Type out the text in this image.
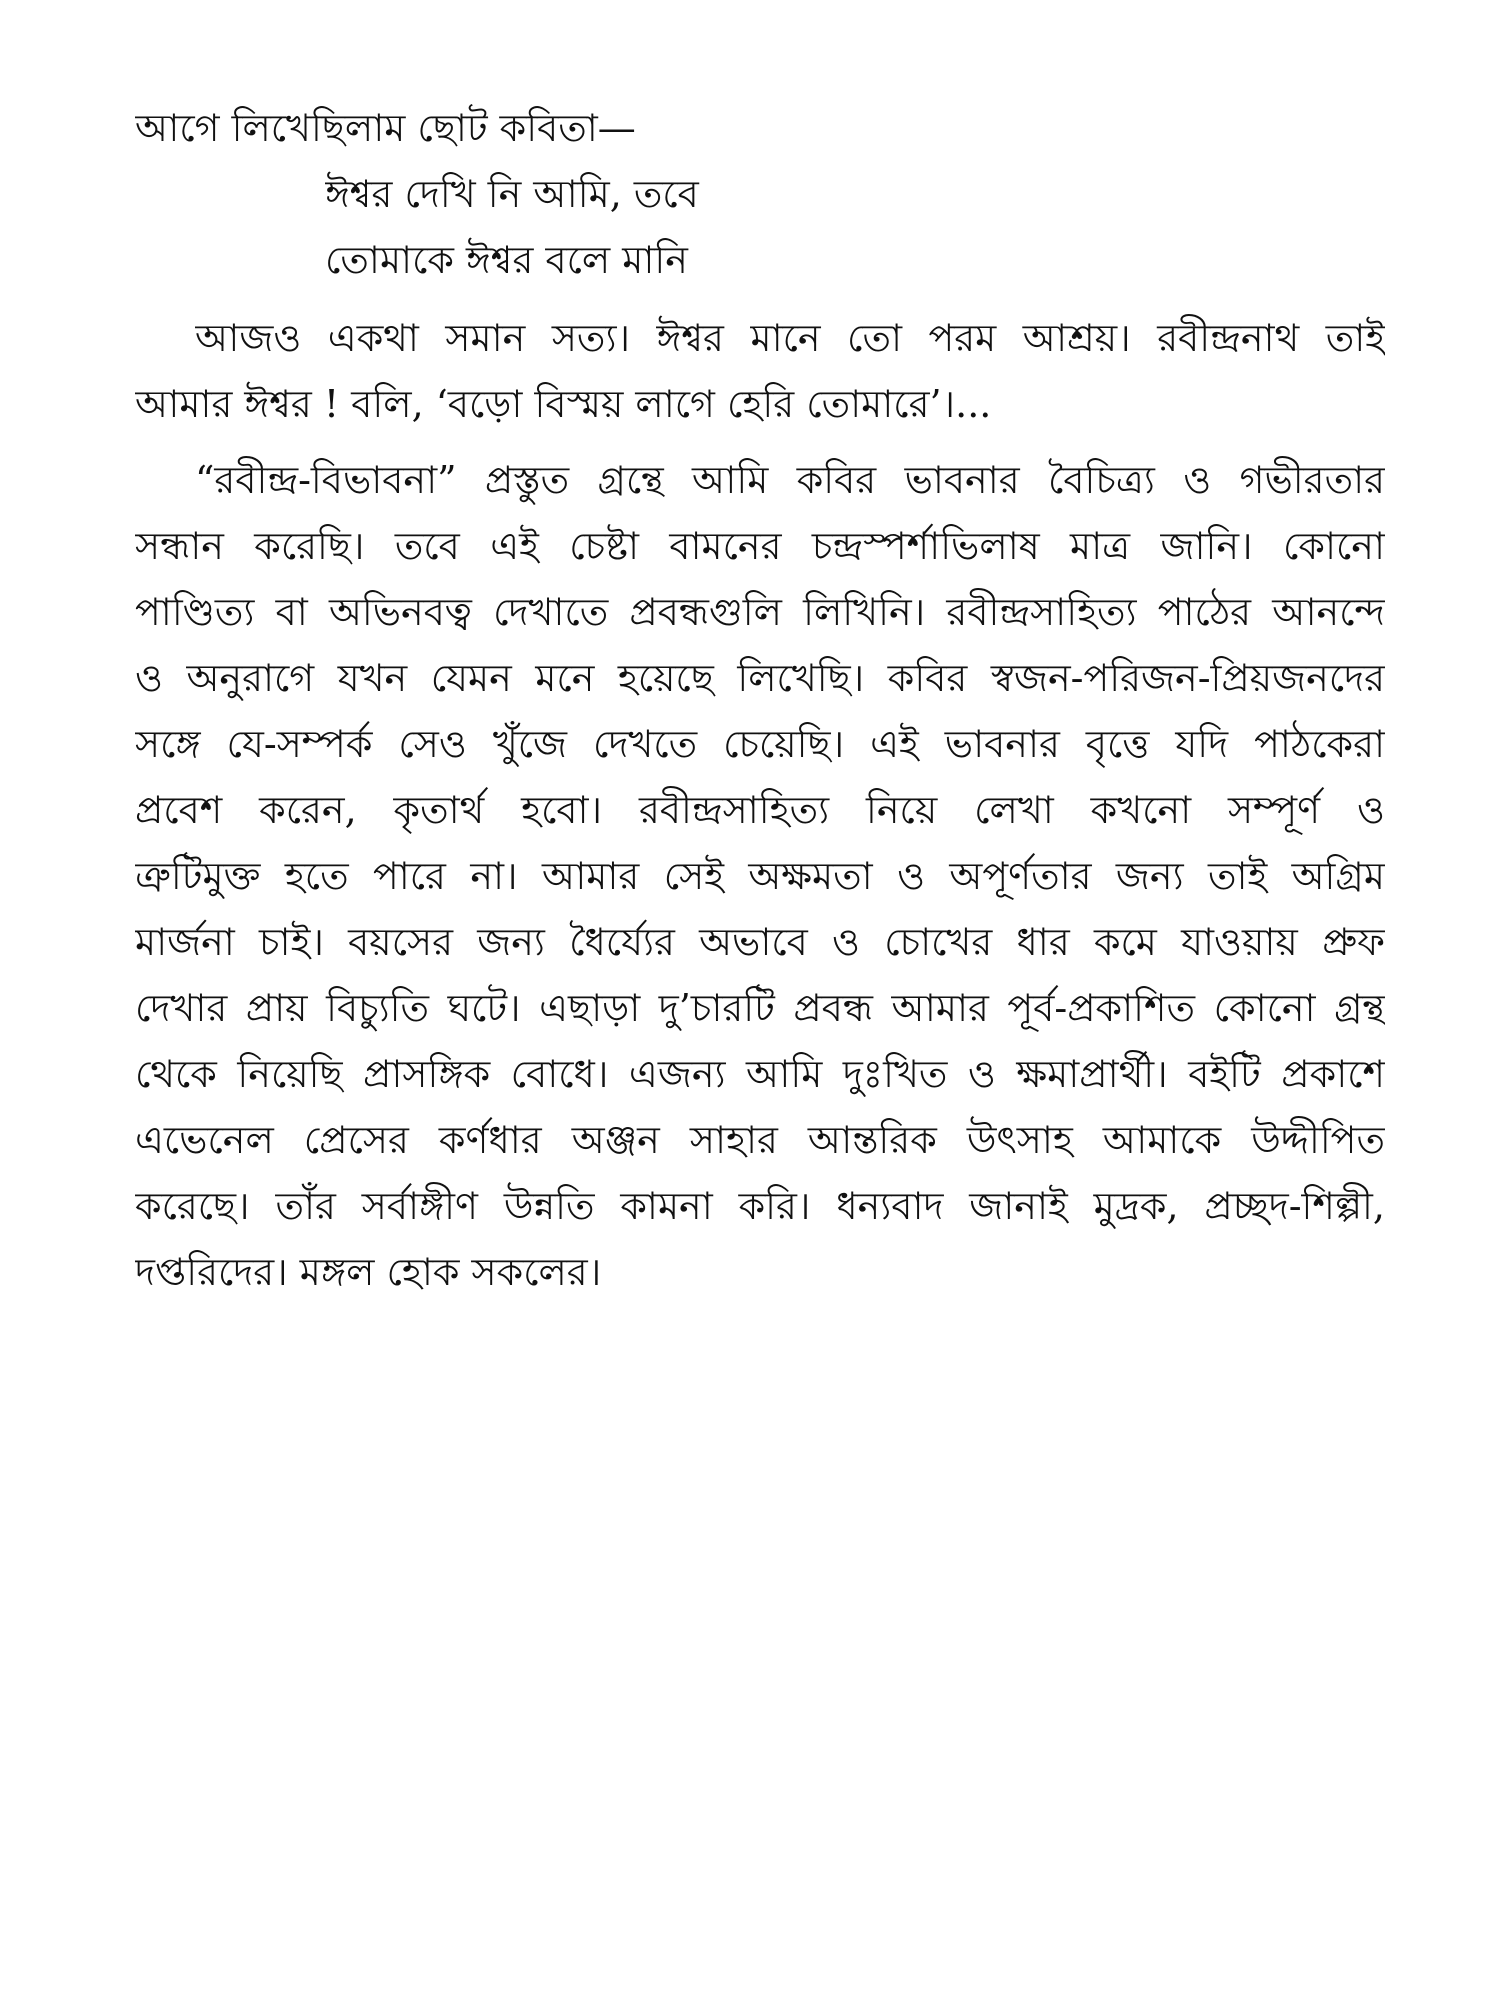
আগে লিখেছিলাম ছোট কবিতা—
ঈশ্বর দেখি নি আমি, তবে
তোমাকে ঈশ্বর বলে মানি
আজও একথা সমান সত্য। ঈশ্বর মানে তো পরম আশ্রয়। রবীন্দ্রনাথ তাই
আমার ঈশ্বর ! বলি, ‘বড়ো বিস্ময় লাগে হেরি তোমারে’।...
“রবীন্দ্র-বিভাবনা” প্রস্তুত গ্রন্থে আমি কবির ভাবনার বৈচিত্র্য ও গভীরতার
সন্ধান করেছি। তবে এই চেষ্টা বামনের চন্দ্রস্পর্শাভিলাষ মাত্র জানি। কোনো
পাণ্ডিত্য বা অভিনবত্ব দেখাতে প্রবন্ধগুলি লিখিনি। রবীন্দ্রসাহিত্য পাঠের আনন্দে
ও অনুরাগে যখন যেমন মনে হয়েছে লিখেছি। কবির স্বজন-পরিজন-প্রিয়জনদের
সঙ্গে যে-সম্পর্ক সেও খুঁজে দেখতে চেয়েছি। এই ভাবনার বৃত্তে যদি পাঠকেরা
প্রবেশ করেন, কৃতার্থ হবো। রবীন্দ্রসাহিত্য নিয়ে লেখা কখনো সম্পূর্ণ ও
ত্রুটিমুক্ত হতে পারে না। আমার সেই অক্ষমতা ও অপূর্ণতার জন্য তাই অগ্রিম
মার্জনা চাই। বয়সের জন্য ধৈর্য্যের অভাবে ও চোখের ধার কমে যাওয়ায় প্রুফ
দেখার প্রায় বিচ্যুতি ঘটে। এছাড়া দু’চারটি প্রবন্ধ আমার পূর্ব-প্রকাশিত কোনো গ্রন্থ
থেকে নিয়েছি প্রাসঙ্গিক বোধে। এজন্য আমি দুঃখিত ও ক্ষমাপ্রার্থী। বইটি প্রকাশে
এভেনেল প্রেসের কর্ণধার অঞ্জন সাহার আন্তরিক উৎসাহ আমাকে উদ্দীপিত
করেছে। তাঁর সর্বাঙ্গীণ উন্নতি কামনা করি। ধন্যবাদ জানাই মুদ্রক, প্রচ্ছদ-শিল্পী,
দপ্তরিদের। মঙ্গল হোক সকলের।
